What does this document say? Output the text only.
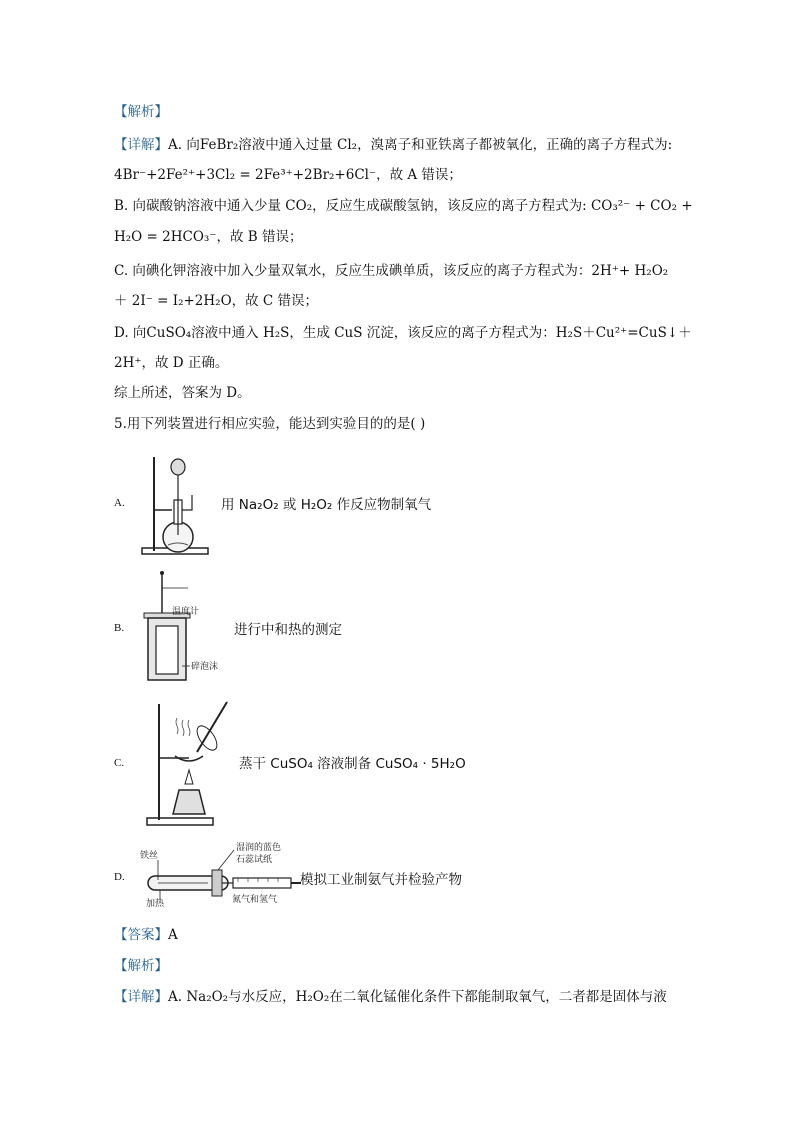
【解析】
【详解】A. 向FeBr₂溶液中通入过量 Cl₂，溴离子和亚铁离子都被氧化，正确的离子方程式为:
4Br⁻+2Fe²⁺+3Cl₂ = 2Fe³⁺+2Br₂+6Cl⁻，故 A 错误；
B. 向碳酸钠溶液中通入少量 CO₂，反应生成碳酸氢钠，该反应的离子方程式为: CO₃²⁻ + CO₂ +
H₂O = 2HCO₃⁻，故 B 错误；
C. 向碘化钾溶液中加入少量双氧水，反应生成碘单质，该反应的离子方程式为：2H⁺+ H₂O₂
＋ 2I⁻ = I₂+2H₂O，故 C 错误；
D. 向CuSO₄溶液中通入 H₂S，生成 CuS 沉淀，该反应的离子方程式为：H₂S＋Cu²⁺=CuS↓＋
2H⁺，故 D 正确。
综上所述，答案为 D。
5.用下列装置进行相应实验，能达到实验目的的是( )
A.	用 Na₂O₂ 或 H₂O₂ 作反应物制氧气
B.
温度计
碎泡沫
进行中和热的测定
C.	蒸干 CuSO₄ 溶液制备 CuSO₄ · 5H₂O
D.
湿润的蓝色
石蕊试纸
铁丝
加热	氮气和氢气
模拟工业制氨气并检验产物
【答案】A
【解析】
【详解】A. Na₂O₂与水反应，H₂O₂在二氧化锰催化条件下都能制取氧气，二者都是固体与液
